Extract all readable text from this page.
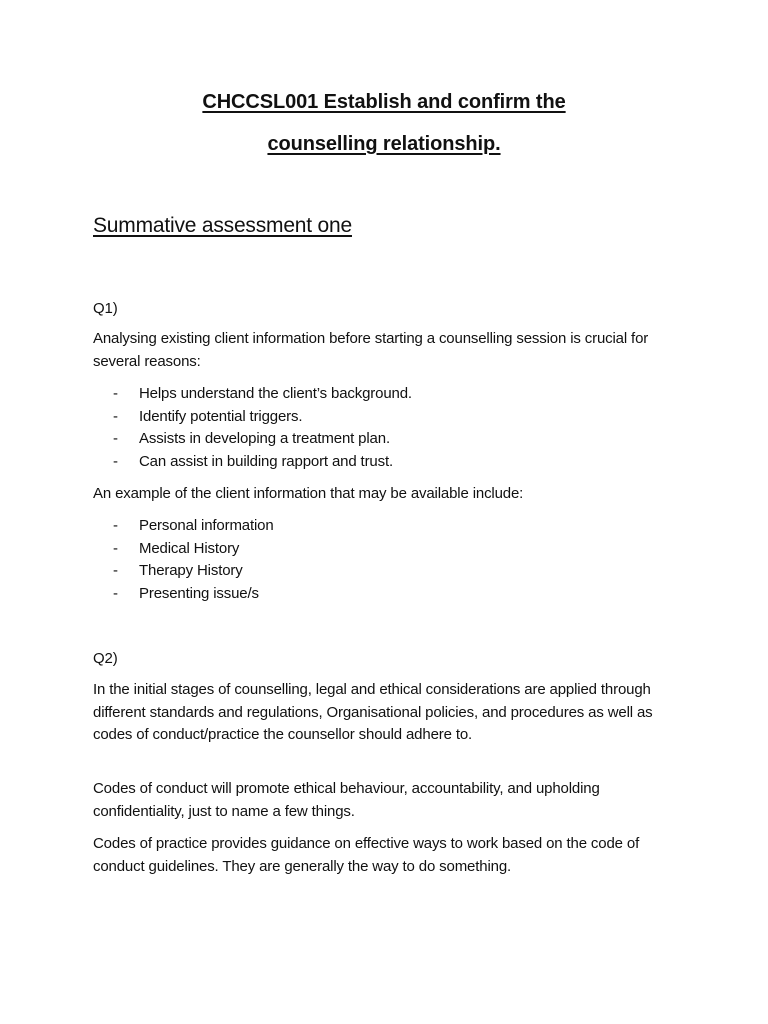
CHCCSL001 Establish and confirm the
counselling relationship.
Summative assessment one
Q1)
Analysing existing client information before starting a counselling session is crucial for several reasons:
-	Helps understand the client’s background.
-	Identify potential triggers.
-	Assists in developing a treatment plan.
-	Can assist in building rapport and trust.
An example of the client information that may be available include:
-	Personal information
-	Medical History
-	Therapy History
-	Presenting issue/s
Q2)
In the initial stages of counselling, legal and ethical considerations are applied through different standards and regulations, Organisational policies, and procedures as well as codes of conduct/practice the counsellor should adhere to.
Codes of conduct will promote ethical behaviour, accountability, and upholding confidentiality, just to name a few things.
Codes of practice provides guidance on effective ways to work based on the code of conduct guidelines. They are generally the way to do something.
